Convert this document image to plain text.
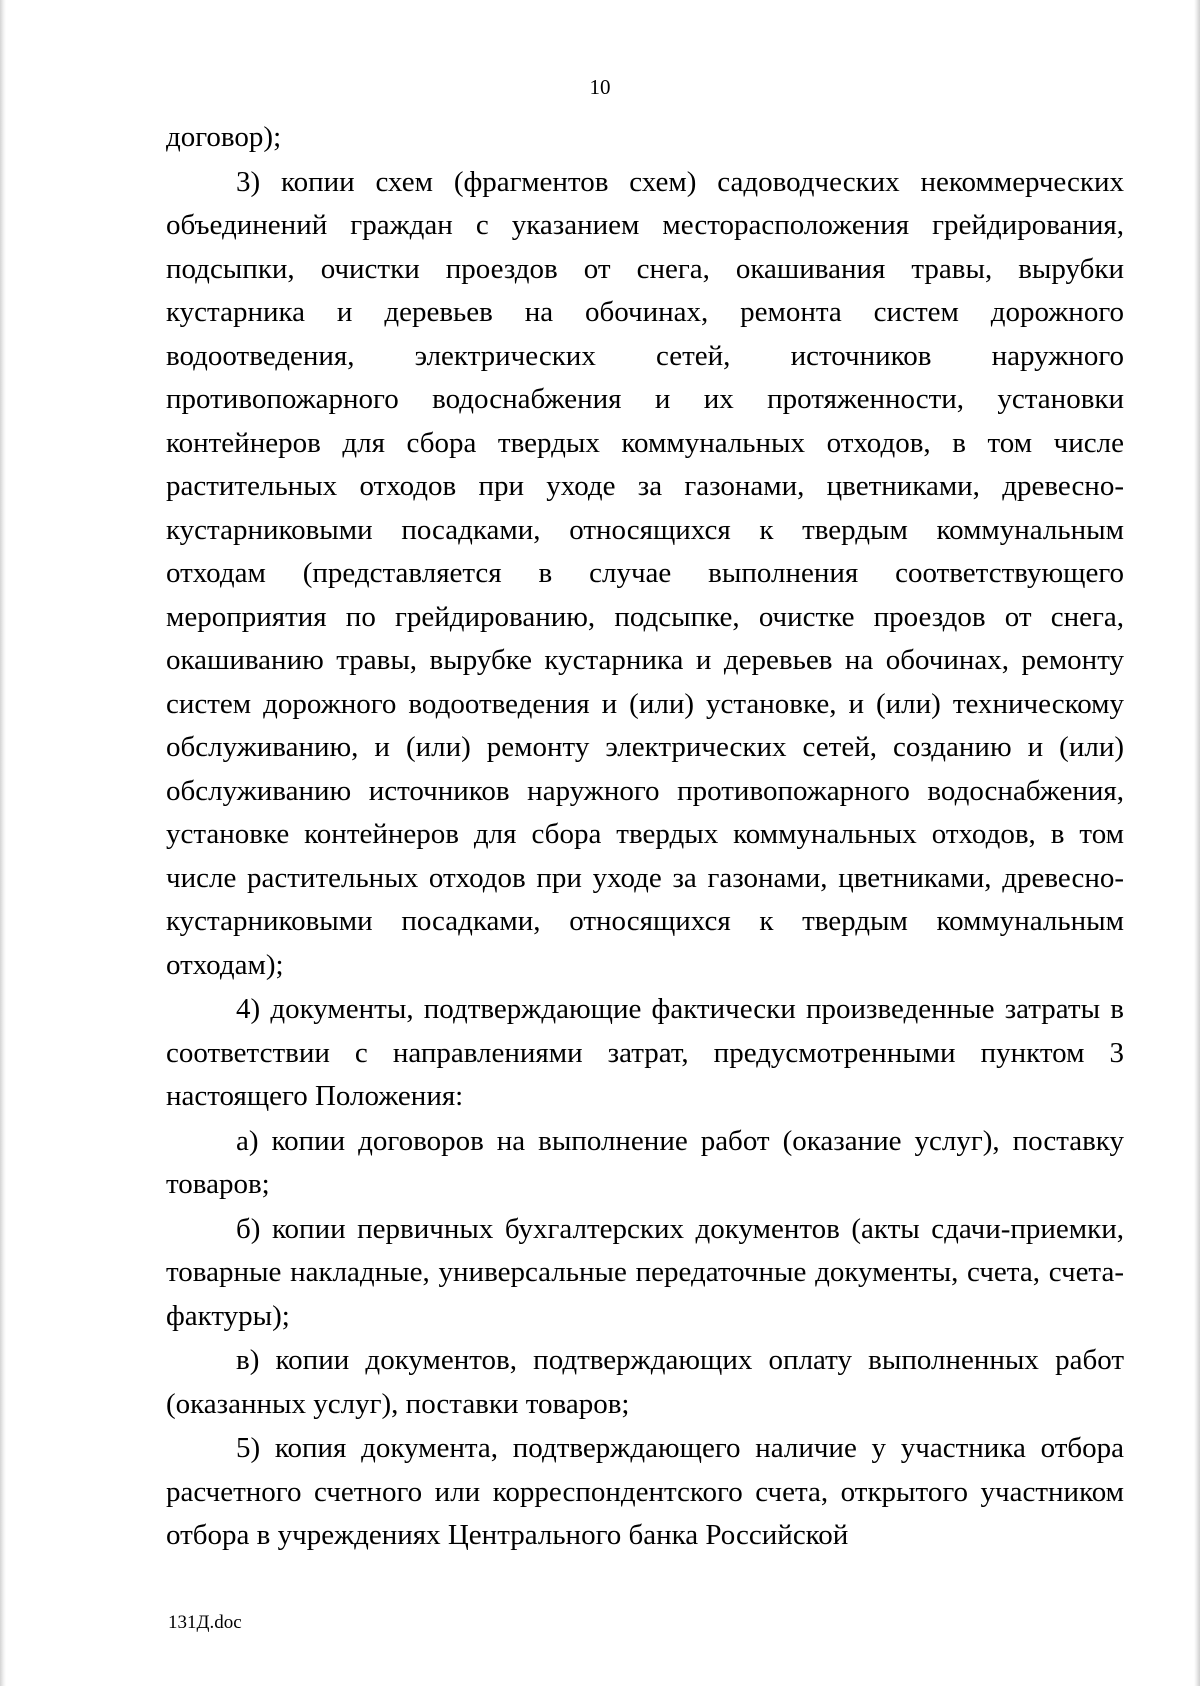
10

договор);

3) копии схем (фрагментов схем) садоводческих некоммерческих объединений граждан с указанием месторасположения грейдирования, подсыпки, очистки проездов от снега, окашивания травы, вырубки кустарника и деревьев на обочинах, ремонта систем дорожного водоотведения, электрических сетей, источников наружного противопожарного водоснабжения и их протяженности, установки контейнеров для сбора твердых коммунальных отходов, в том числе растительных отходов при уходе за газонами, цветниками, древесно-кустарниковыми посадками, относящихся к твердым коммунальным отходам (представляется в случае выполнения соответствующего мероприятия по грейдированию, подсыпке, очистке проездов от снега, окашиванию травы, вырубке кустарника и деревьев на обочинах, ремонту систем дорожного водоотведения и (или) установке, и (или) техническому обслуживанию, и (или) ремонту электрических сетей, созданию и (или) обслуживанию источников наружного противопожарного водоснабжения, установке контейнеров для сбора твердых коммунальных отходов, в том числе растительных отходов при уходе за газонами, цветниками, древесно-кустарниковыми посадками, относящихся к твердым коммунальным отходам);

4) документы, подтверждающие фактически произведенные затраты в соответствии с направлениями затрат, предусмотренными пунктом 3 настоящего Положения:

а) копии договоров на выполнение работ (оказание услуг), поставку товаров;

б) копии первичных бухгалтерских документов (акты сдачи-приемки, товарные накладные, универсальные передаточные документы, счета, счета-фактуры);

в) копии документов, подтверждающих оплату выполненных работ (оказанных услуг), поставки товаров;

5) копия документа, подтверждающего наличие у участника отбора расчетного счетного или корреспондентского счета, открытого участником отбора в учреждениях Центрального банка Российской

131Д.doc
